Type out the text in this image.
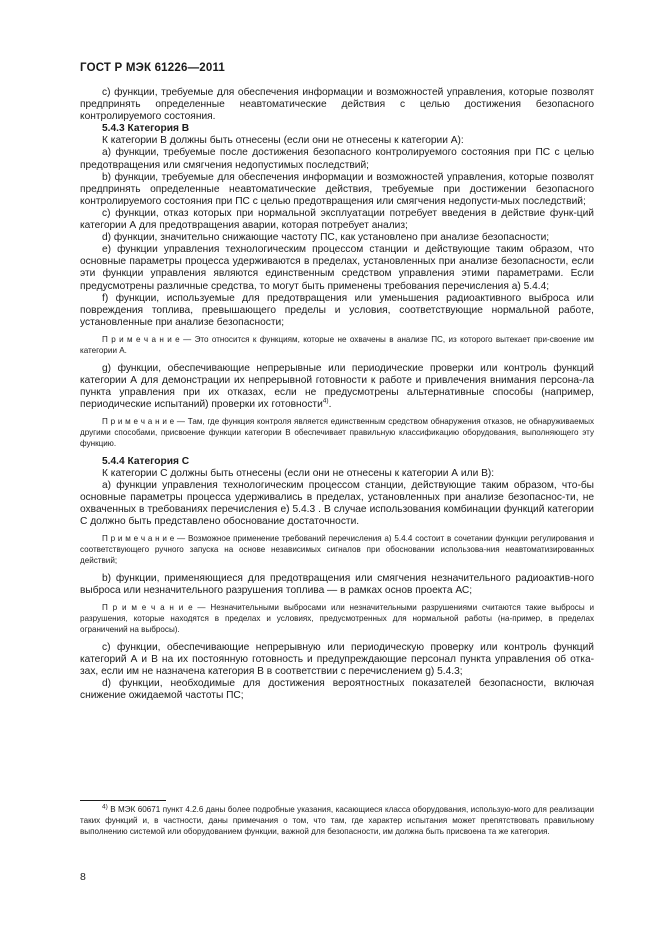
ГОСТ Р МЭК 61226—2011

c) функции, требуемые для обеспечения информации и возможностей управления, которые позволят предпринять определенные неавтоматические действия с целью достижения безопасного контролируемого состояния.

5.4.3 Категория В

К категории В должны быть отнесены (если они не отнесены к категории А):

a) функции, требуемые после достижения безопасного контролируемого состояния при ПС с целью предотвращения или смягчения недопустимых последствий;

b) функции, требуемые для обеспечения информации и возможностей управления, которые позволят предпринять определенные неавтоматические действия, требуемые при достижении безопасного контролируемого состояния при ПС с целью предотвращения или смягчения недопусти-мых последствий;

c) функции, отказ которых при нормальной эксплуатации потребует введения в действие функ-ций категории А для предотвращения аварии, которая потребует анализ;

d) функции, значительно снижающие частоту ПС, как установлено при анализе безопасности;

e) функции управления технологическим процессом станции и действующие таким образом, что основные параметры процесса удерживаются в пределах, установленных при анализе безопасности, если эти функции управления являются единственным средством управления этими параметрами. Если предусмотрены различные средства, то могут быть применены требования перечисления а) 5.4.4;

f) функции, используемые для предотвращения или уменьшения радиоактивного выброса или повреждения топлива, превышающего пределы и условия, соответствующие нормальной работе, установленные при анализе безопасности;

П р и м е ч а н и е — Это относится к функциям, которые не охвачены в анализе ПС, из которого вытекает при-своение им категории А.

g) функции, обеспечивающие непрерывные или периодические проверки или контроль функций категории А для демонстрации их непрерывной готовности к работе и привлечения внимания персона-ла пункта управления при их отказах, если не предусмотрены альтернативные способы (например, периодические испытаний) проверки их готовности$^{4)}$.

П р и м е ч а н и е — Там, где функция контроля является единственным средством обнаружения отказов, не обнаруживаемых другими способами, присвоение функции категории В обеспечивает правильную классификацию оборудования, выполняющего эту функцию.

5.4.4 Категория С

К категории С должны быть отнесены (если они не отнесены к категории А или В):

a) функции управления технологическим процессом станции, действующие таким образом, что-бы основные параметры процесса удерживались в пределах, установленных при анализе безопаснос-ти, не охваченных в требованиях перечисления е) 5.4.3 . В случае использования комбинации функций категории С должно быть представлено обоснование достаточности.

П р и м е ч а н и е — Возможное применение требований перечисления а) 5.4.4 состоит в сочетании функции регулирования и соответствующего ручного запуска на основе независимых сигналов при обосновании использова-ния неавтоматизированных действий;

b) функции, применяющиеся для предотвращения или смягчения незначительного радиоактив-ного выброса или незначительного разрушения топлива — в рамках основ проекта АС;

П р и м е ч а н и е — Незначительными выбросами или незначительными разрушениями считаются такие выбросы и разрушения, которые находятся в пределах и условиях, предусмотренных для нормальной работы (на-пример, в пределах ограничений на выбросы).

c) функции, обеспечивающие непрерывную или периодическую проверку или контроль функций категорий А и В на их постоянную готовность и предупреждающие персонал пункта управления об отка-зах, если им не назначена категория В в соответствии с перечислением g) 5.4.3;

d) функции, необходимые для достижения вероятностных показателей безопасности, включая снижение ожидаемой частоты ПС;

$^{4)}$ В МЭК 60671 пункт 4.2.6 даны более подробные указания, касающиеся класса оборудования, использую-мого для реализации таких функций и, в частности, даны примечания о том, что там, где характер испытания может препятствовать правильному выполнению системой или оборудованием функции, важной для безопасности, им должна быть присвоена та же категория.
8
